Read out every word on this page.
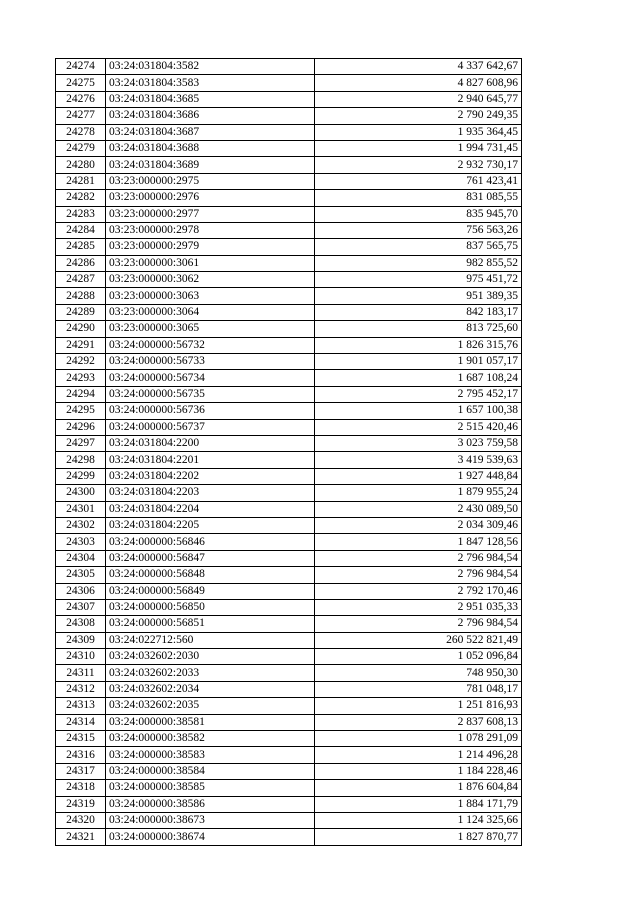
24274	03:24:031804:3582	4 337 642,67
24275	03:24:031804:3583	4 827 608,96
24276	03:24:031804:3685	2 940 645,77
24277	03:24:031804:3686	2 790 249,35
24278	03:24:031804:3687	1 935 364,45
24279	03:24:031804:3688	1 994 731,45
24280	03:24:031804:3689	2 932 730,17
24281	03:23:000000:2975	761 423,41
24282	03:23:000000:2976	831 085,55
24283	03:23:000000:2977	835 945,70
24284	03:23:000000:2978	756 563,26
24285	03:23:000000:2979	837 565,75
24286	03:23:000000:3061	982 855,52
24287	03:23:000000:3062	975 451,72
24288	03:23:000000:3063	951 389,35
24289	03:23:000000:3064	842 183,17
24290	03:23:000000:3065	813 725,60
24291	03:24:000000:56732	1 826 315,76
24292	03:24:000000:56733	1 901 057,17
24293	03:24:000000:56734	1 687 108,24
24294	03:24:000000:56735	2 795 452,17
24295	03:24:000000:56736	1 657 100,38
24296	03:24:000000:56737	2 515 420,46
24297	03:24:031804:2200	3 023 759,58
24298	03:24:031804:2201	3 419 539,63
24299	03:24:031804:2202	1 927 448,84
24300	03:24:031804:2203	1 879 955,24
24301	03:24:031804:2204	2 430 089,50
24302	03:24:031804:2205	2 034 309,46
24303	03:24:000000:56846	1 847 128,56
24304	03:24:000000:56847	2 796 984,54
24305	03:24:000000:56848	2 796 984,54
24306	03:24:000000:56849	2 792 170,46
24307	03:24:000000:56850	2 951 035,33
24308	03:24:000000:56851	2 796 984,54
24309	03:24:022712:560	260 522 821,49
24310	03:24:032602:2030	1 052 096,84
24311	03:24:032602:2033	748 950,30
24312	03:24:032602:2034	781 048,17
24313	03:24:032602:2035	1 251 816,93
24314	03:24:000000:38581	2 837 608,13
24315	03:24:000000:38582	1 078 291,09
24316	03:24:000000:38583	1 214 496,28
24317	03:24:000000:38584	1 184 228,46
24318	03:24:000000:38585	1 876 604,84
24319	03:24:000000:38586	1 884 171,79
24320	03:24:000000:38673	1 124 325,66
24321	03:24:000000:38674	1 827 870,77
